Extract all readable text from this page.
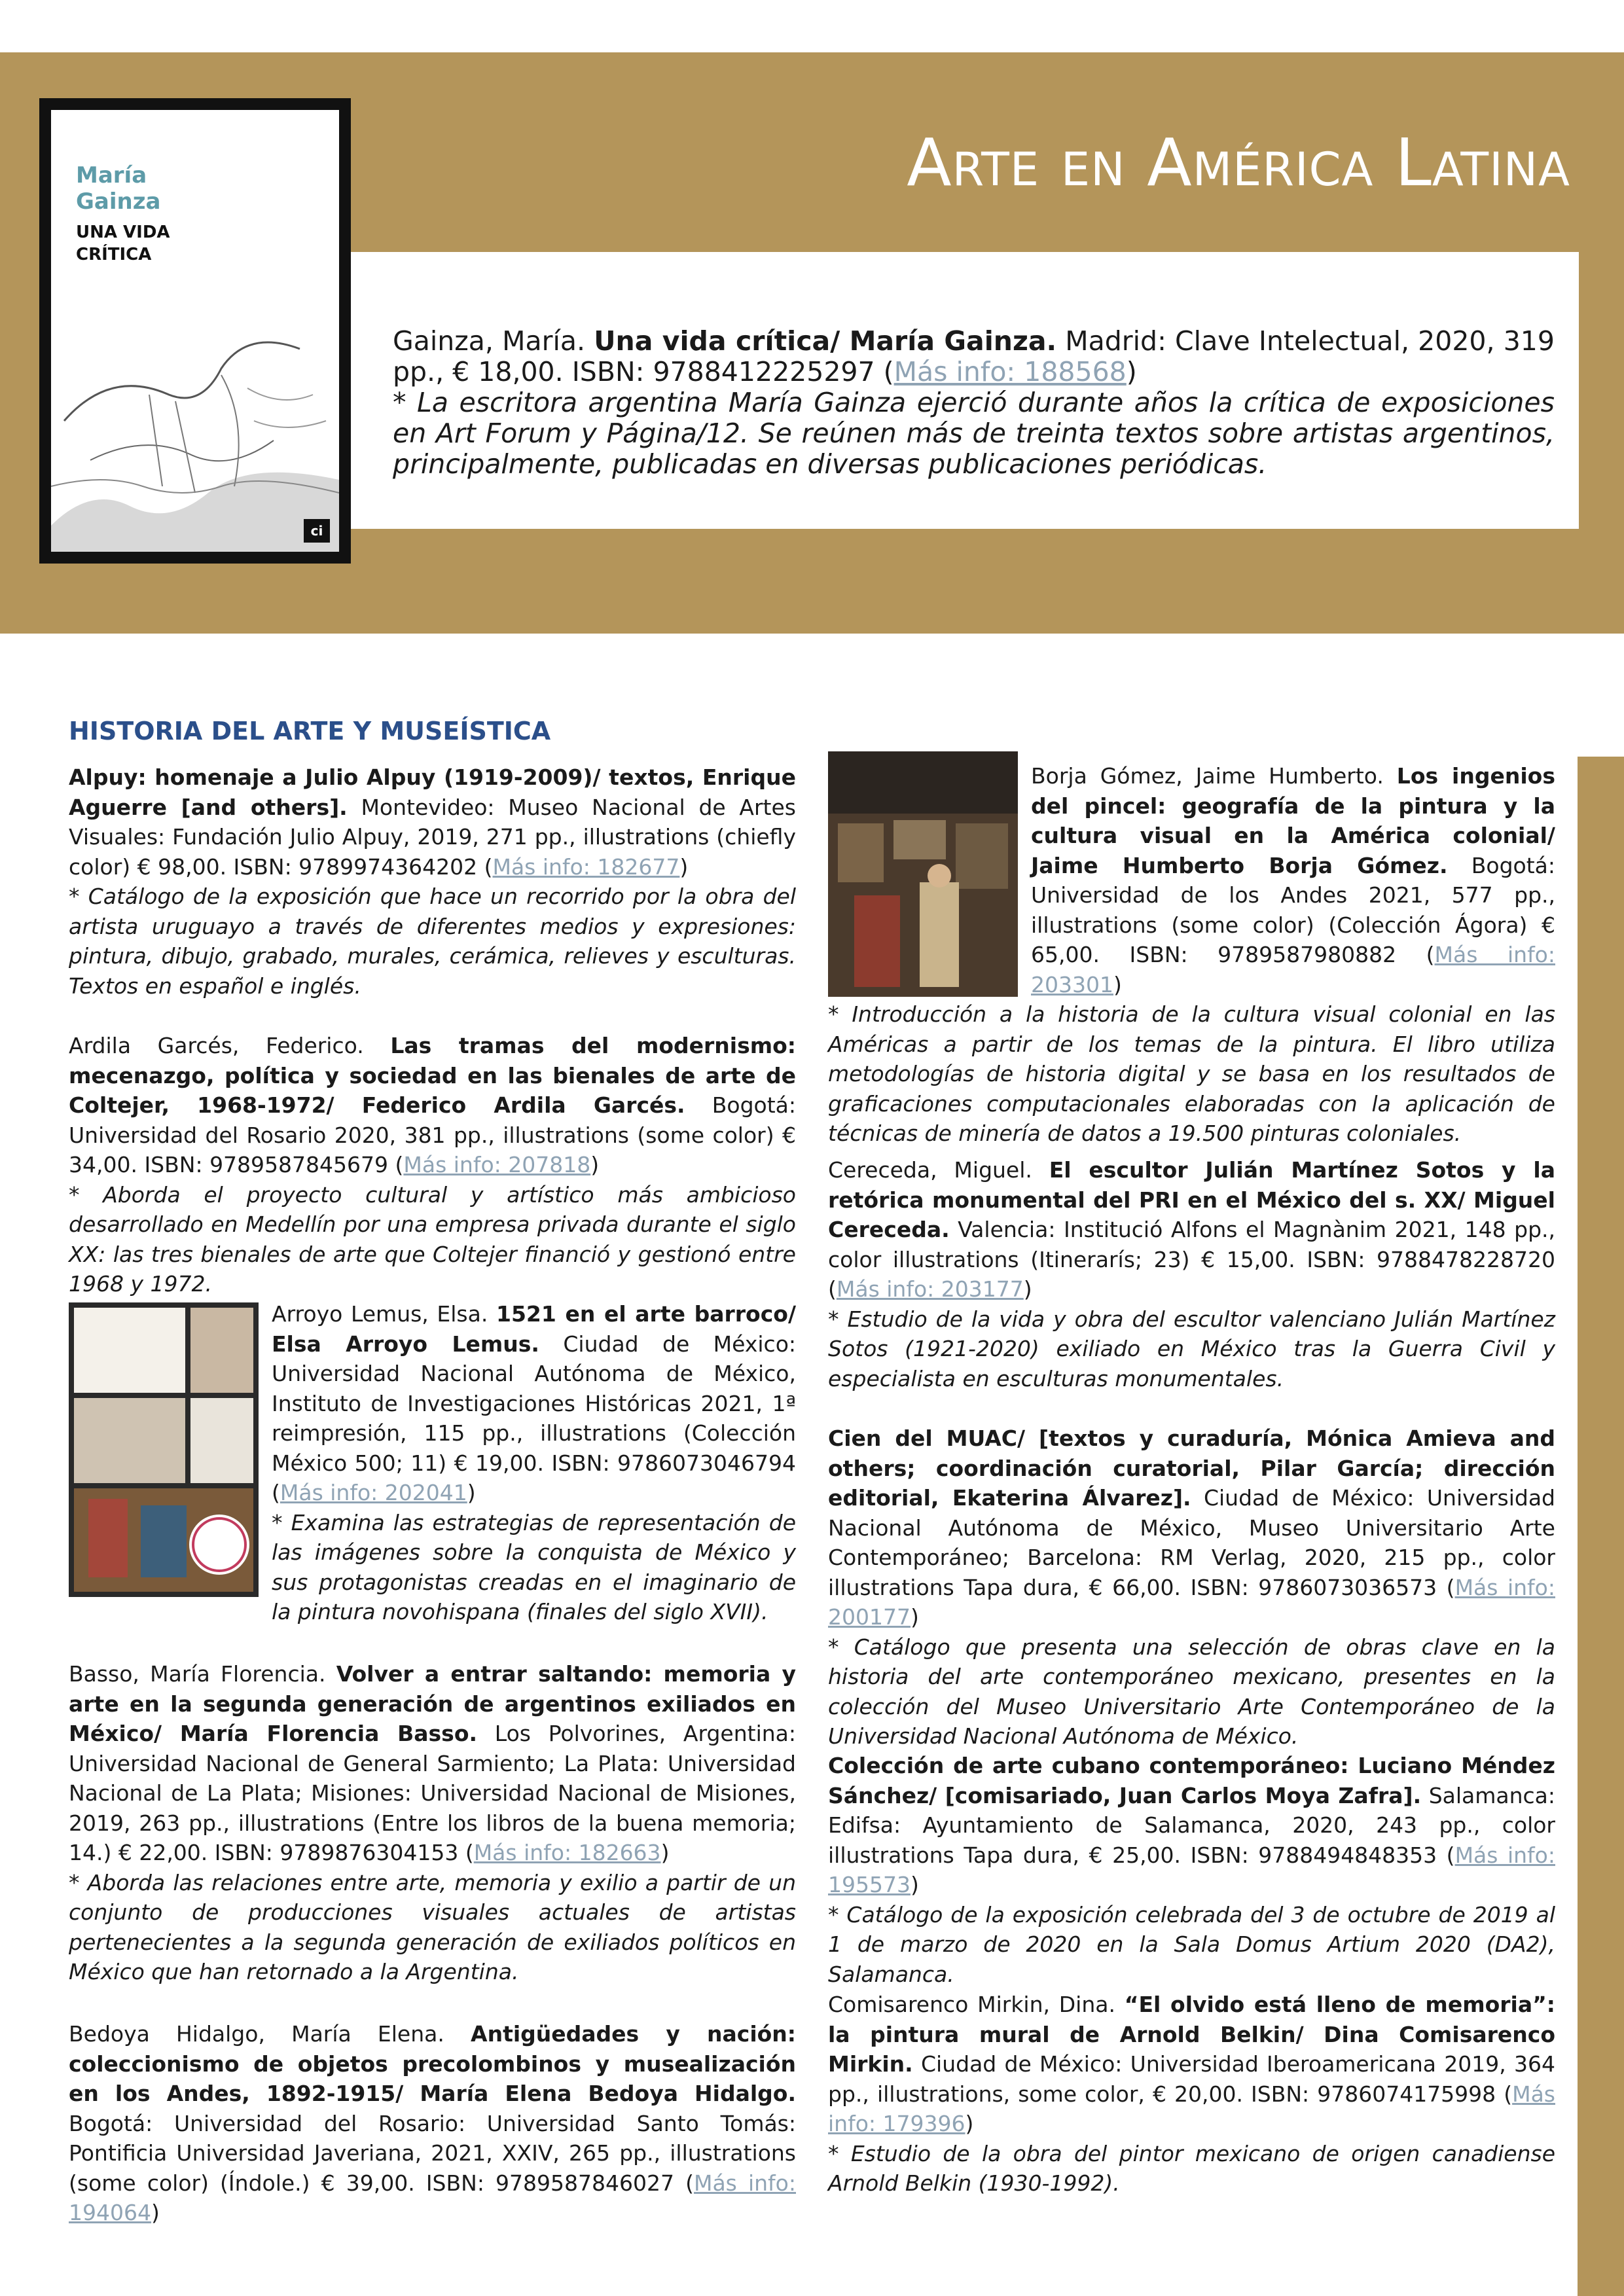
Arte en América Latina
María Gainza
UNA VIDA CRÍTICA
ci
Gainza, María. Una vida crítica/ María Gainza. Madrid: Clave Intelectual, 2020, 319 pp., € 18,00. ISBN: 9788412225297 (Más info: 188568)
* La escritora argentina María Gainza ejerció durante años la crítica de exposiciones en Art Forum y Página/12. Se reúnen más de treinta textos sobre artistas argentinos, principalmente, publicadas en diversas publicaciones periódicas.
HISTORIA DEL ARTE Y MUSEÍSTICA
Alpuy: homenaje a Julio Alpuy (1919-2009)/ textos, Enrique Aguerre [and others]. Montevideo: Museo Nacional de Artes Visuales: Fundación Julio Alpuy, 2019, 271 pp., illustrations (chiefly color) € 98,00. ISBN: 9789974364202 (Más info: 182677)
* Catálogo de la exposición que hace un recorrido por la obra del artista uruguayo a través de diferentes medios y expresiones: pintura, dibujo, grabado, murales, cerámica, relieves y esculturas. Textos en español e inglés.
Ardila Garcés, Federico. Las tramas del modernismo: mecenazgo, política y sociedad en las bienales de arte de Coltejer, 1968-1972/ Federico Ardila Garcés. Bogotá: Universidad del Rosario 2020, 381 pp., illustrations (some color) € 34,00. ISBN: 9789587845679 (Más info: 207818)
* Aborda el proyecto cultural y artístico más ambicioso desarrollado en Medellín por una empresa privada durante el siglo XX: las tres bienales de arte que Coltejer financió y gestionó entre 1968 y 1972.
Arroyo Lemus, Elsa. 1521 en el arte barroco/ Elsa Arroyo Lemus. Ciudad de México: Universidad Nacional Autónoma de México, Instituto de Investigaciones Históricas 2021, 1ª reimpresión, 115 pp., illustrations (Colección México 500; 11) € 19,00. ISBN: 9786073046794 (Más info: 202041)
* Examina las estrategias de representación de las imágenes sobre la conquista de México y sus protagonistas creadas en el imaginario de la pintura novohispana (finales del siglo XVII).
Basso, María Florencia. Volver a entrar saltando: memoria y arte en la segunda generación de argentinos exiliados en México/ María Florencia Basso. Los Polvorines, Argentina: Universidad Nacional de General Sarmiento; La Plata: Universidad Nacional de La Plata; Misiones: Universidad Nacional de Misiones, 2019, 263 pp., illustrations (Entre los libros de la buena memoria; 14.) € 22,00. ISBN: 9789876304153 (Más info: 182663)
* Aborda las relaciones entre arte, memoria y exilio a partir de un conjunto de producciones visuales actuales de artistas pertenecientes a la segunda generación de exiliados políticos en México que han retornado a la Argentina.
Bedoya Hidalgo, María Elena. Antigüedades y nación: coleccionismo de objetos precolombinos y musealización en los Andes, 1892-1915/ María Elena Bedoya Hidalgo. Bogotá: Universidad del Rosario: Universidad Santo Tomás: Pontificia Universidad Javeriana, 2021, XXIV, 265 pp., illustrations (some color) (Índole.) € 39,00. ISBN: 9789587846027 (Más info: 194064)
Borja Gómez, Jaime Humberto. Los ingenios del pincel: geografía de la pintura y la cultura visual en la América colonial/ Jaime Humberto Borja Gómez. Bogotá: Universidad de los Andes 2021, 577 pp., illustrations (some color) (Colección Ágora) € 65,00. ISBN: 9789587980882 (Más info: 203301)
* Introducción a la historia de la cultura visual colonial en las Américas a partir de los temas de la pintura. El libro utiliza metodologías de historia digital y se basa en los resultados de graficaciones computacionales elaboradas con la aplicación de técnicas de minería de datos a 19.500 pinturas coloniales.
Cereceda, Miguel. El escultor Julián Martínez Sotos y la retórica monumental del PRI en el México del s. XX/ Miguel Cereceda. Valencia: Institució Alfons el Magnànim 2021, 148 pp., color illustrations (Itinerarís; 23) € 15,00. ISBN: 9788478228720 (Más info: 203177)
* Estudio de la vida y obra del escultor valenciano Julián Martínez Sotos (1921-2020) exiliado en México tras la Guerra Civil y especialista en esculturas monumentales.
Cien del MUAC/ [textos y curaduría, Mónica Amieva and others; coordinación curatorial, Pilar García; dirección editorial, Ekaterina Álvarez]. Ciudad de México: Universidad Nacional Autónoma de México, Museo Universitario Arte Contemporáneo; Barcelona: RM Verlag, 2020, 215 pp., color illustrations Tapa dura, € 66,00. ISBN: 9786073036573 (Más info: 200177)
* Catálogo que presenta una selección de obras clave en la historia del arte contemporáneo mexicano, presentes en la colección del Museo Universitario Arte Contemporáneo de la Universidad Nacional Autónoma de México.
Colección de arte cubano contemporáneo: Luciano Méndez Sánchez/ [comisariado, Juan Carlos Moya Zafra]. Salamanca: Edifsa: Ayuntamiento de Salamanca, 2020, 243 pp., color illustrations Tapa dura, € 25,00. ISBN: 9788494848353 (Más info: 195573)
* Catálogo de la exposición celebrada del 3 de octubre de 2019 al 1 de marzo de 2020 en la Sala Domus Artium 2020 (DA2), Salamanca.
Comisarenco Mirkin, Dina. “El olvido está lleno de memoria”: la pintura mural de Arnold Belkin/ Dina Comisarenco Mirkin. Ciudad de México: Universidad Iberoamericana 2019, 364 pp., illustrations, some color, € 20,00. ISBN: 9786074175998 (Más info: 179396)
* Estudio de la obra del pintor mexicano de origen canadiense Arnold Belkin (1930-1992).
